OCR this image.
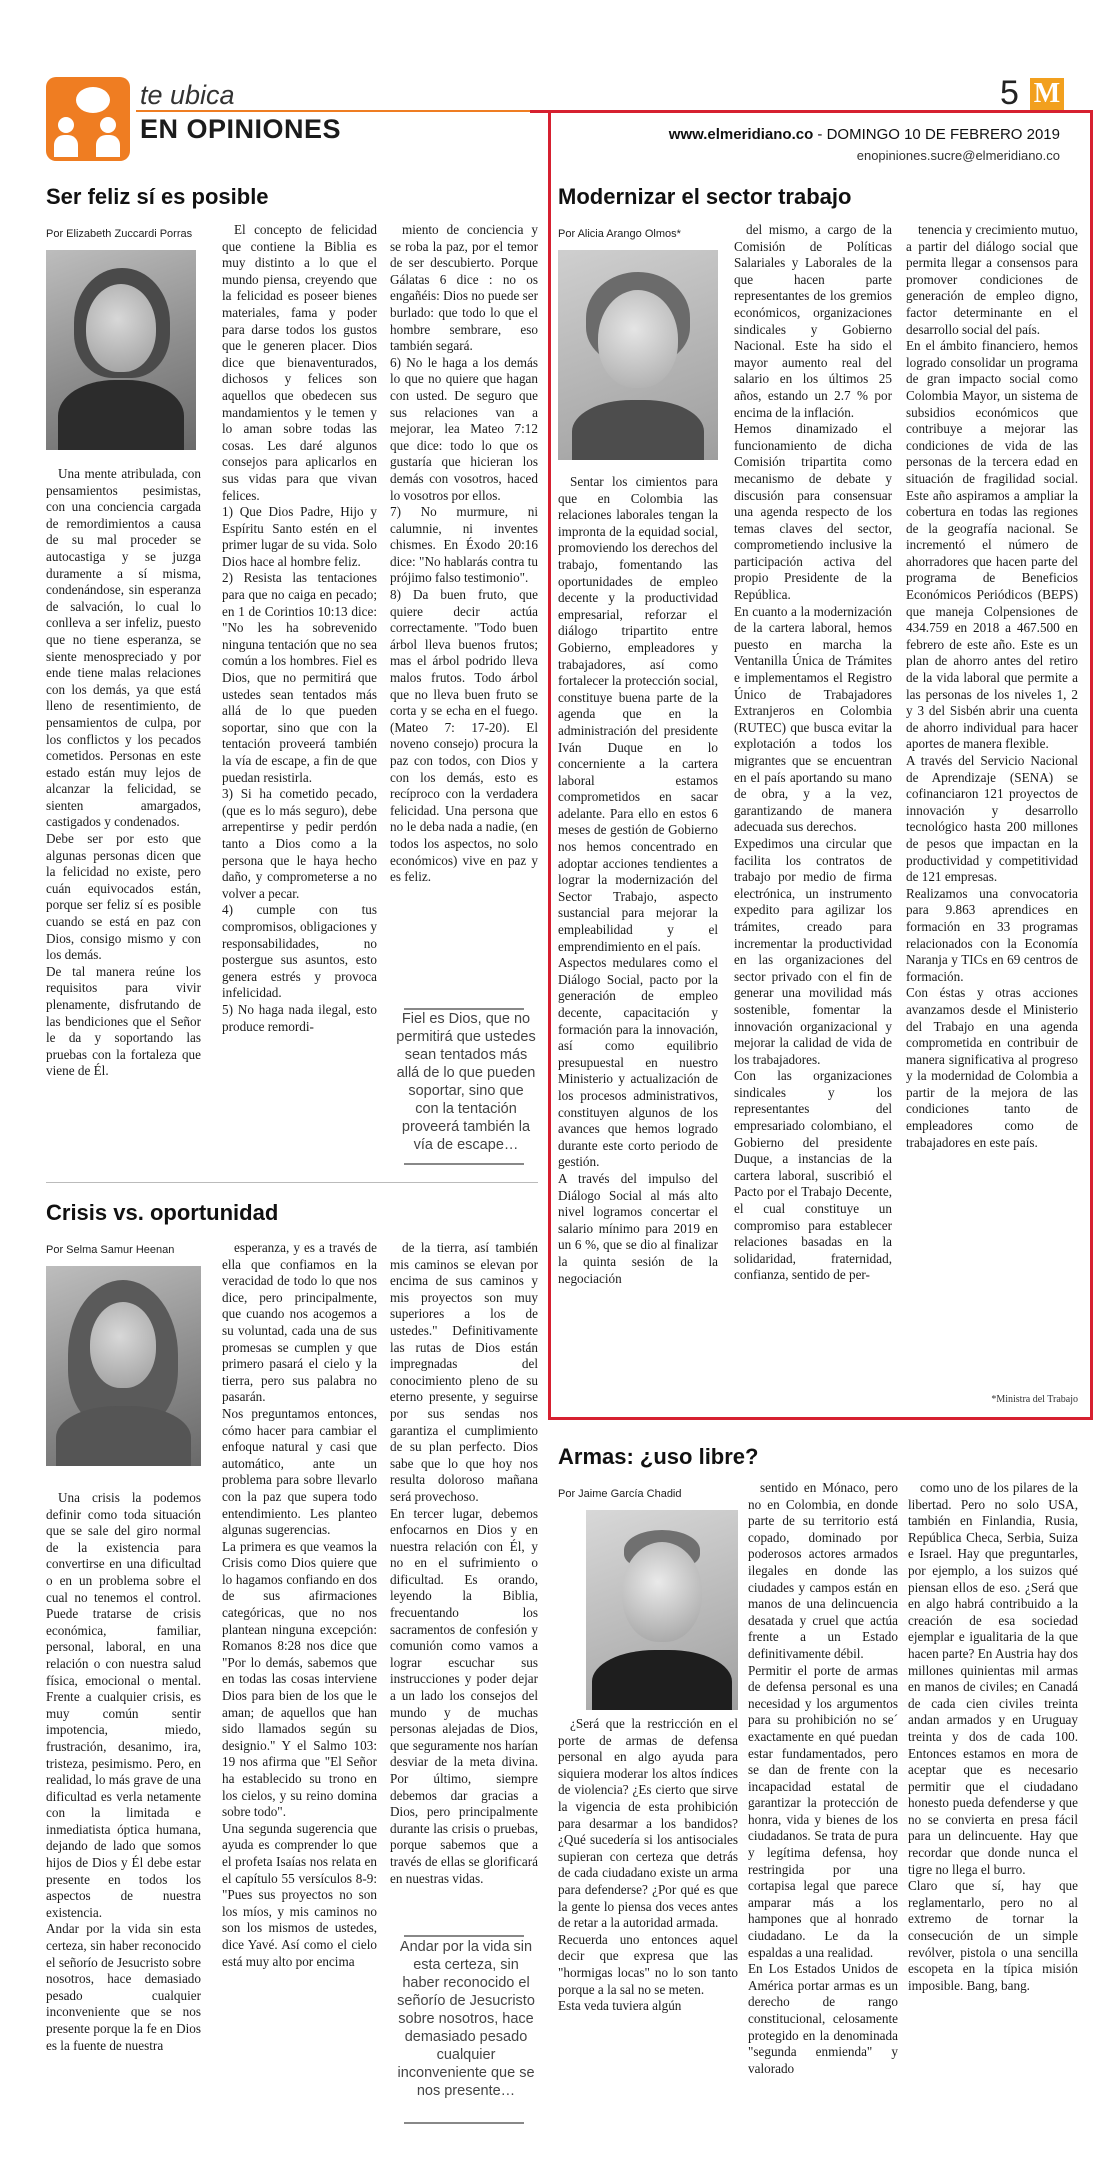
te ubica
EN OPINIONES
5 M
www.elmeridiano.co - DOMINGO 10 DE FEBRERO 2019
enopiniones.sucre@elmeridiano.co
Ser feliz sí es posible
Por Elizabeth Zuccardi Porras

Una mente atribulada, con pensamientos pesimistas, con una conciencia cargada de remordimientos a causa de su mal proceder se autocastiga y se juzga duramente a sí misma, condenándose, sin esperanza de salvación, lo cual lo conlleva a ser infeliz, puesto que no tiene esperanza, se siente menospreciado y por ende tiene malas relaciones con los demás, ya que está lleno de resentimiento, de pensamientos de culpa, por los conflictos y los pecados cometidos. Personas en este estado están muy lejos de alcanzar la felicidad, se sienten amargados, castigados y condenados.
Debe ser por esto que algunas personas dicen que la felicidad no existe, pero cuán equivocados están, porque ser feliz sí es posible cuando se está en paz con Dios, consigo mismo y con los demás.
De tal manera reúne los requisitos para vivir plenamente, disfrutando de las bendiciones que el Señor le da y soportando las pruebas con la fortaleza que viene de Él.

El concepto de felicidad que contiene la Biblia es muy distinto a lo que el mundo piensa, creyendo que la felicidad es poseer bienes materiales, fama y poder para darse todos los gustos que le generen placer. Dios dice que bienaventurados, dichosos y felices son aquellos que obedecen sus mandamientos y le temen y lo aman sobre todas las cosas. Les daré algunos consejos para aplicarlos en sus vidas para que vivan felices.
1) Que Dios Padre, Hijo y Espíritu Santo estén en el primer lugar de su vida. Solo Dios hace al hombre feliz.
2) Resista las tentaciones para que no caiga en pecado; en 1 de Corintios 10:13 dice: "No les ha sobrevenido ninguna tentación que no sea común a los hombres. Fiel es Dios, que no permitirá que ustedes sean tentados más allá de lo que pueden soportar, sino que con la tentación proveerá también la vía de escape, a fin de que puedan resistirla.
3) Si ha cometido pecado, (que es lo más seguro), debe arrepentirse y pedir perdón tanto a Dios como a la persona que le haya hecho daño, y comprometerse a no volver a pecar.
4) cumple con tus compromisos, obligaciones y responsabilidades, no postergue sus asuntos, esto genera estrés y provoca infelicidad.
5) No haga nada ilegal, esto produce remordi-

miento de conciencia y se roba la paz, por el temor de ser descubierto. Porque Gálatas 6 dice : no os engañéis: Dios no puede ser burlado: que todo lo que el hombre sembrare, eso también segará.
6) No le haga a los demás lo que no quiere que hagan con usted. De seguro que sus relaciones van a mejorar, lea Mateo 7:12 que dice: todo lo que os gustaría que hicieran los demás con vosotros, haced lo vosotros por ellos.
7) No murmure, ni calumnie, ni inventes chismes. En Éxodo 20:16 dice: "No hablarás contra tu prójimo falso testimonio".
8) Da buen fruto, que quiere decir actúa correctamente. "Todo buen árbol lleva buenos frutos; mas el árbol podrido lleva malos frutos. Todo árbol que no lleva buen fruto se corta y se echa en el fuego. (Mateo 7: 17-20). El noveno consejo) procura la paz con todos, con Dios y con los demás, esto es recíproco con la verdadera felicidad. Una persona que no le deba nada a nadie, (en todos los aspectos, no solo económicos) vive en paz y es feliz.

Fiel es Dios, que no permitirá que ustedes sean tentados más allá de lo que pueden soportar, sino que con la tentación proveerá también la vía de escape…
Crisis vs. oportunidad
Por Selma Samur Heenan

Una crisis la podemos definir como toda situación que se sale del giro normal de la existencia para convertirse en una dificultad o en un problema sobre el cual no tenemos el control. Puede tratarse de crisis económica, familiar, personal, laboral, en una relación o con nuestra salud física, emocional o mental. Frente a cualquier crisis, es muy común sentir impotencia, miedo, frustración, desanimo, ira, tristeza, pesimismo. Pero, en realidad, lo más grave de una dificultad es verla netamente con la limitada e inmediatista óptica humana, dejando de lado que somos hijos de Dios y Él debe estar presente en todos los aspectos de nuestra existencia.
Andar por la vida sin esta certeza, sin haber reconocido el señorío de Jesucristo sobre nosotros, hace demasiado pesado cualquier inconveniente que se nos presente porque la fe en Dios es la fuente de nuestra

esperanza, y es a través de ella que confiamos en la veracidad de todo lo que nos dice, pero principalmente, que cuando nos acogemos a su voluntad, cada una de sus promesas se cumplen y que primero pasará el cielo y la tierra, pero sus palabra no pasarán.
Nos preguntamos entonces, cómo hacer para cambiar el enfoque natural y casi que automático, ante un problema para sobre llevarlo con la paz que supera todo entendimiento. Les planteo algunas sugerencias.
La primera es que veamos la Crisis como Dios quiere que lo hagamos confiando en dos de sus afirmaciones categóricas, que no nos plantean ninguna excepción: Romanos 8:28 nos dice que "Por lo demás, sabemos que en todas las cosas interviene Dios para bien de los que le aman; de aquellos que han sido llamados según su designio." Y el Salmo 103: 19 nos afirma que "El Señor ha establecido su trono en los cielos, y su reino domina sobre todo".
Una segunda sugerencia que ayuda es comprender lo que el profeta Isaías nos relata en el capítulo 55 versículos 8-9: "Pues sus proyectos no son los míos, y mis caminos no son los mismos de ustedes, dice Yavé. Así como el cielo está muy alto por encima

de la tierra, así también mis caminos se elevan por encima de sus caminos y mis proyectos son muy superiores a los de ustedes." Definitivamente las rutas de Dios están impregnadas del conocimiento pleno de su eterno presente, y seguirse por sus sendas nos garantiza el cumplimiento de su plan perfecto. Dios sabe que lo que hoy nos resulta doloroso mañana será provechoso.
En tercer lugar, debemos enfocarnos en Dios y en nuestra relación con Él, y no en el sufrimiento o dificultad. Es orando, leyendo la Biblia, frecuentando los sacramentos de confesión y comunión como vamos a lograr escuchar sus instrucciones y poder dejar a un lado los consejos del mundo y de muchas personas alejadas de Dios, que seguramente nos harían desviar de la meta divina. Por último, siempre debemos dar gracias a Dios, pero principalmente durante las crisis o pruebas, porque sabemos que a través de ellas se glorificará en nuestras vidas.

Andar por la vida sin esta certeza, sin haber reconocido el señorío de Jesucristo sobre nosotros, hace demasiado pesado cualquier inconveniente que se nos presente…
Modernizar el sector trabajo
Por Alicia Arango Olmos*

Sentar los cimientos para que en Colombia las relaciones laborales tengan la impronta de la equidad social, promoviendo los derechos del trabajo, fomentando las oportunidades de empleo decente y la productividad empresarial, reforzar el diálogo tripartito entre Gobierno, empleadores y trabajadores, así como fortalecer la protección social, constituye buena parte de la agenda que en la administración del presidente Iván Duque en lo concerniente a la cartera laboral estamos comprometidos en sacar adelante. Para ello en estos 6 meses de gestión de Gobierno nos hemos concentrado en adoptar acciones tendientes a lograr la modernización del Sector Trabajo, aspecto sustancial para mejorar la empleabilidad y el emprendimiento en el país.
Aspectos medulares como el Diálogo Social, pacto por la generación de empleo decente, capacitación y formación para la innovación, así como equilibrio presupuestal en nuestro Ministerio y actualización de los procesos administrativos, constituyen algunos de los avances que hemos logrado durante este corto periodo de gestión.
A través del impulso del Diálogo Social al más alto nivel logramos concertar el salario mínimo para 2019 en un 6 %, que se dio al finalizar la quinta sesión de la negociación

del mismo, a cargo de la Comisión de Políticas Salariales y Laborales de la que hacen parte representantes de los gremios económicos, organizaciones sindicales y Gobierno Nacional. Este ha sido el mayor aumento real del salario en los últimos 25 años, estando un 2.7 % por encima de la inflación.
Hemos dinamizado el funcionamiento de dicha Comisión tripartita como mecanismo de debate y discusión para consensuar una agenda respecto de los temas claves del sector, comprometiendo inclusive la participación activa del propio Presidente de la República.
En cuanto a la modernización de la cartera laboral, hemos puesto en marcha la Ventanilla Única de Trámites e implementamos el Registro Único de Trabajadores Extranjeros en Colombia (RUTEC) que busca evitar la explotación a todos los migrantes que se encuentran en el país aportando su mano de obra, y a la vez, garantizando de manera adecuada sus derechos.
Expedimos una circular que facilita los contratos de trabajo por medio de firma electrónica, un instrumento expedito para agilizar los trámites, creado para incrementar la productividad en las organizaciones del sector privado con el fin de generar una movilidad más sostenible, fomentar la innovación organizacional y mejorar la calidad de vida de los trabajadores.
Con las organizaciones sindicales y los representantes del empresariado colombiano, el Gobierno del presidente Duque, a instancias de la cartera laboral, suscribió el Pacto por el Trabajo Decente, el cual constituye un compromiso para establecer relaciones basadas en la solidaridad, fraternidad, confianza, sentido de per-

tenencia y crecimiento mutuo, a partir del diálogo social que permita llegar a consensos para promover condiciones de generación de empleo digno, factor determinante en el desarrollo social del país.
En el ámbito financiero, hemos logrado consolidar un programa de gran impacto social como Colombia Mayor, un sistema de subsidios económicos que contribuye a mejorar las condiciones de vida de las personas de la tercera edad en situación de fragilidad social. Este año aspiramos a ampliar la cobertura en todas las regiones de la geografía nacional. Se incrementó el número de ahorradores que hacen parte del programa de Beneficios Económicos Periódicos (BEPS) que maneja Colpensiones de 434.759 en 2018 a 467.500 en febrero de este año. Este es un plan de ahorro antes del retiro de la vida laboral que permite a las personas de los niveles 1, 2 y 3 del Sisbén abrir una cuenta de ahorro individual para hacer aportes de manera flexible.
A través del Servicio Nacional de Aprendizaje (SENA) se cofinanciaron 121 proyectos de innovación y desarrollo tecnológico hasta 200 millones de pesos que impactan en la productividad y competitividad de 121 empresas.
Realizamos una convocatoria para 9.863 aprendices en formación en 33 programas relacionados con la Economía Naranja y TICs en 69 centros de formación.
Con éstas y otras acciones avanzamos desde el Ministerio del Trabajo en una agenda comprometida en contribuir de manera significativa al progreso y la modernidad de Colombia a partir de la mejora de las condiciones tanto de empleadores como de trabajadores en este país.

*Ministra del Trabajo
Armas: ¿uso libre?
Por Jaime García Chadid

¿Será que la restricción en el porte de armas de defensa personal en algo ayuda para siquiera moderar los altos índices de violencia? ¿Es cierto que sirve la vigencia de esta prohibición para desarmar a los bandidos? ¿Qué sucedería si los antisociales supieran con certeza que detrás de cada ciudadano existe un arma para defenderse? ¿Por qué es que la gente lo piensa dos veces antes de retar a la autoridad armada.
Recuerda uno entonces aquel decir que expresa que las "hormigas locas" no lo son tanto porque a la sal no se meten.
Esta veda tuviera algún

sentido en Mónaco, pero no en Colombia, en donde parte de su territorio está copado, dominado por poderosos actores armados ilegales en donde las ciudades y campos están en manos de una delincuencia desatada y cruel que actúa frente a un Estado definitivamente débil.
Permitir el porte de armas de defensa personal es una necesidad y los argumentos para su prohibición no se´ exactamente en qué puedan estar fundamentados, pero se dan de frente con la incapacidad estatal de garantizar la protección de honra, vida y bienes de los ciudadanos. Se trata de pura y legítima defensa, hoy restringida por una cortapisa legal que parece amparar más a los hampones que al honrado ciudadano. Le da la espaldas a una realidad.
En Los Estados Unidos de América portar armas es un derecho de rango constitucional, celosamente protegido en la denominada "segunda enmienda" y valorado

como uno de los pilares de la libertad. Pero no solo USA, también en Finlandia, Rusia, República Checa, Serbia, Suiza e Israel. Hay que preguntarles, por ejemplo, a los suizos qué piensan ellos de eso. ¿Será que en algo habrá contribuido a la creación de esa sociedad ejemplar e igualitaria de la que hacen parte? En Austria hay dos millones quinientas mil armas en manos de civiles; en Canadá de cada cien civiles treinta andan armados y en Uruguay treinta y dos de cada 100. Entonces estamos en mora de aceptar que es necesario permitir que el ciudadano honesto pueda defenderse y que no se convierta en presa fácil para un delincuente. Hay que recordar que donde nunca el tigre no llega el burro.
Claro que sí, hay que reglamentarlo, pero no al extremo de tornar la consecución de un simple revólver, pistola o una sencilla escopeta en la típica misión imposible. Bang, bang.
